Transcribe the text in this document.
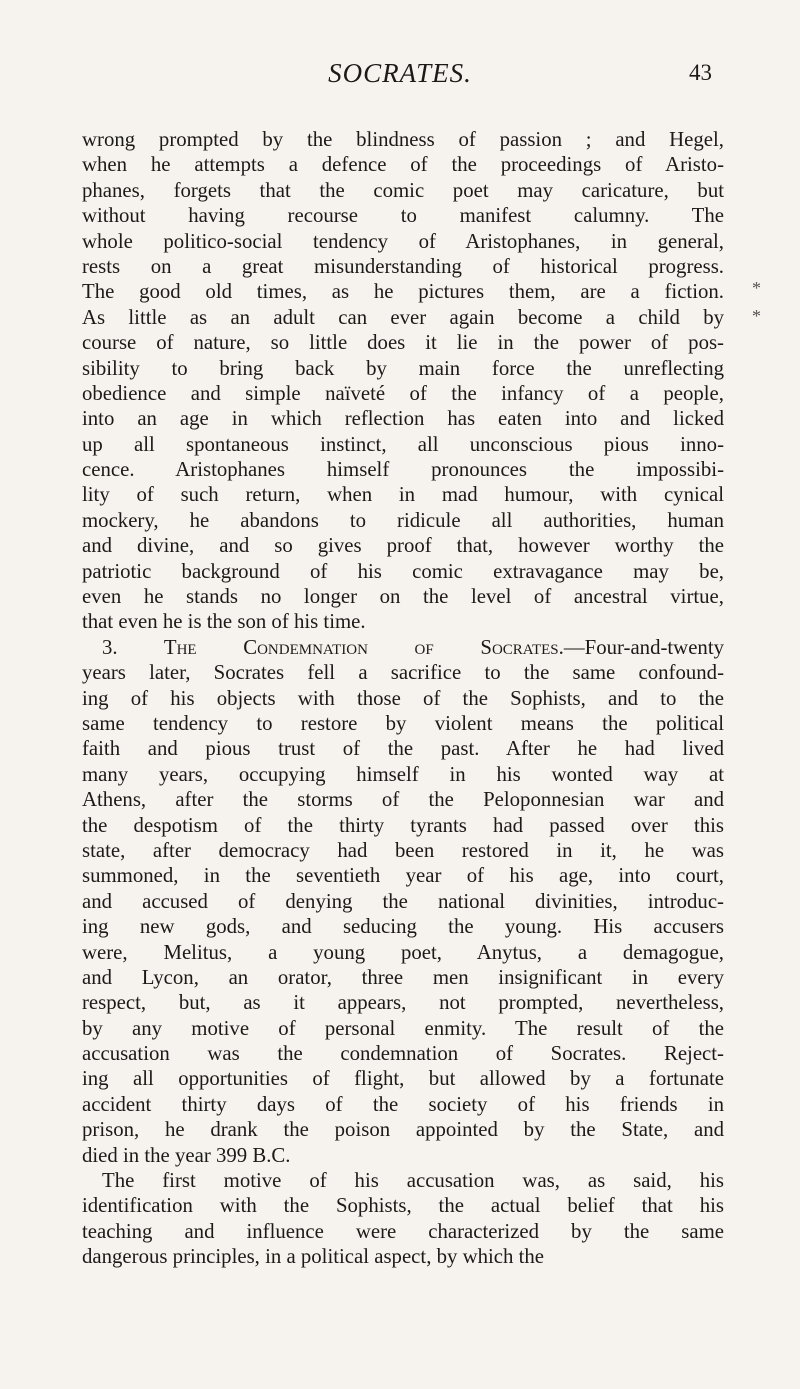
SOCRATES.	43
wrong prompted by the blindness of passion ; and Hegel,
when he attempts a defence of the proceedings of Aristo-
phanes, forgets that the comic poet may caricature, but
without having recourse to manifest calumny. The
whole politico-social tendency of Aristophanes, in general,
rests on a great misunderstanding of historical progress.
The good old times, as he pictures them, are a fiction.
As little as an adult can ever again become a child by
course of nature, so little does it lie in the power of pos-
sibility to bring back by main force the unreflecting
obedience and simple naïveté of the infancy of a people,
into an age in which reflection has eaten into and licked
up all spontaneous instinct, all unconscious pious inno-
cence. Aristophanes himself pronounces the impossibi-
lity of such return, when in mad humour, with cynical
mockery, he abandons to ridicule all authorities, human
and divine, and so gives proof that, however worthy the
patriotic background of his comic extravagance may be,
even he stands no longer on the level of ancestral virtue,
that even he is the son of his time.
3. The Condemnation of Socrates.—Four-and-twenty
years later, Socrates fell a sacrifice to the same confound-
ing of his objects with those of the Sophists, and to the
same tendency to restore by violent means the political
faith and pious trust of the past. After he had lived
many years, occupying himself in his wonted way at
Athens, after the storms of the Peloponnesian war and
the despotism of the thirty tyrants had passed over this
state, after democracy had been restored in it, he was
summoned, in the seventieth year of his age, into court,
and accused of denying the national divinities, introduc-
ing new gods, and seducing the young. His accusers
were, Melitus, a young poet, Anytus, a demagogue,
and Lycon, an orator, three men insignificant in every
respect, but, as it appears, not prompted, nevertheless,
by any motive of personal enmity. The result of the
accusation was the condemnation of Socrates. Reject-
ing all opportunities of flight, but allowed by a fortunate
accident thirty days of the society of his friends in
prison, he drank the poison appointed by the State, and
died in the year 399 B.C.
The first motive of his accusation was, as said, his
identification with the Sophists, the actual belief that his
teaching and influence were characterized by the same
dangerous principles, in a political aspect, by which the
*
*
